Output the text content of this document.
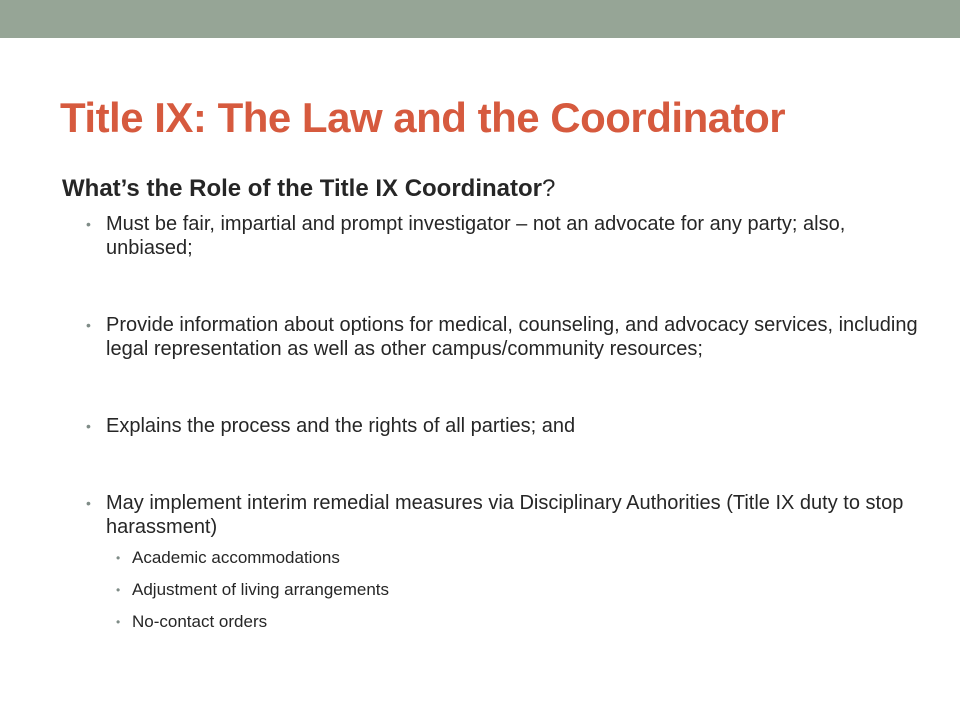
Title IX: The Law and the Coordinator

What’s the Role of the Title IX Coordinator?

• Must be fair, impartial and prompt investigator – not an advocate for any party; also, unbiased;
• Provide information about options for medical, counseling, and advocacy services, including legal representation as well as other campus/community resources;
• Explains the process and the rights of all parties; and
• May implement interim remedial measures via Disciplinary Authorities (Title IX duty to stop harassment)
• Academic accommodations
• Adjustment of living arrangements
• No-contact orders
